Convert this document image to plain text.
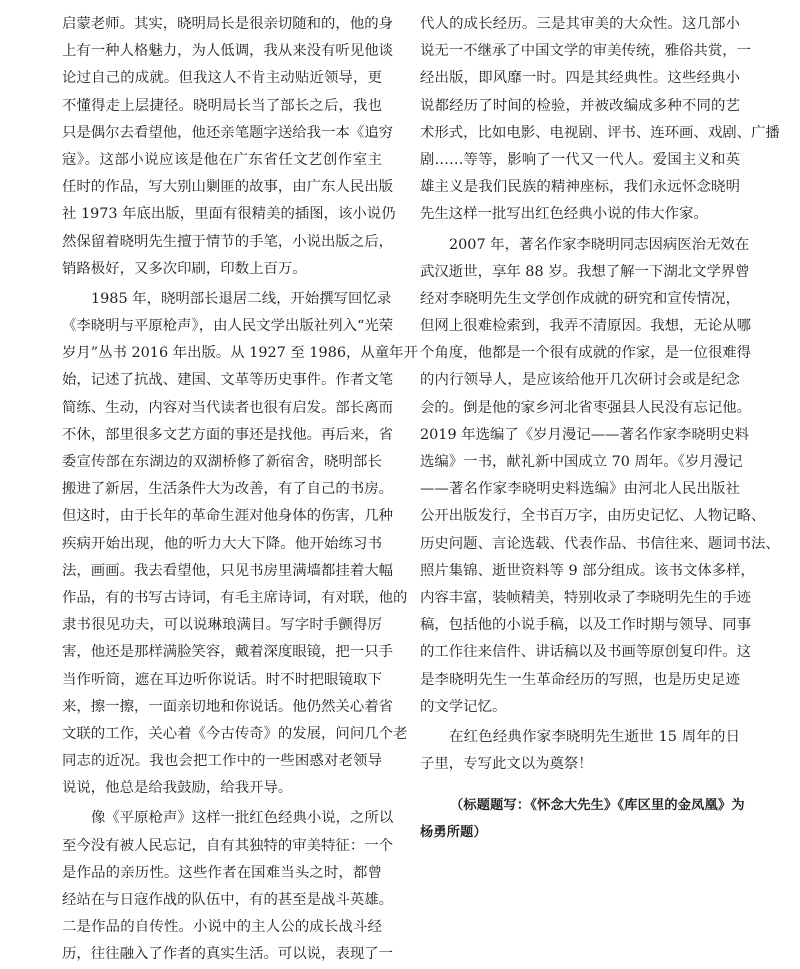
启蒙老师。其实，晓明局长是很亲切随和的，他的身
上有一种人格魅力，为人低调，我从来没有听见他谈
论过自己的成就。但我这人不肯主动贴近领导，更
不懂得走上层捷径。晓明局长当了部长之后，我也
只是偶尔去看望他，他还亲笔题字送给我一本《追穷
寇》。这部小说应该是他在广东省任文艺创作室主
任时的作品，写大别山剿匪的故事，由广东人民出版
社 1973 年底出版，里面有很精美的插图，该小说仍
然保留着晓明先生擅于情节的手笔，小说出版之后，
销路极好，又多次印刷，印数上百万。
1985 年，晓明部长退居二线，开始撰写回忆录
《李晓明与平原枪声》，由人民文学出版社列入“光荣
岁月”丛书 2016 年出版。从 1927 至 1986，从童年开
始，记述了抗战、建国、文革等历史事件。作者文笔
简练、生动，内容对当代读者也很有启发。部长离而
不休，部里很多文艺方面的事还是找他。再后来，省
委宣传部在东湖边的双湖桥修了新宿舍，晓明部长
搬进了新居，生活条件大为改善，有了自己的书房。
但这时，由于长年的革命生涯对他身体的伤害，几种
疾病开始出现，他的听力大大下降。他开始练习书
法，画画。我去看望他，只见书房里满墙都挂着大幅
作品，有的书写古诗词，有毛主席诗词，有对联，他的
隶书很见功夫，可以说琳琅满目。写字时手颤得厉
害，他还是那样满脸笑容，戴着深度眼镜，把一只手
当作听筒，遮在耳边听你说话。时不时把眼镜取下
来，擦一擦，一面亲切地和你说话。他仍然关心着省
文联的工作，关心着《今古传奇》的发展，问问几个老
同志的近况。我也会把工作中的一些困惑对老领导
说说，他总是给我鼓励，给我开导。
像《平原枪声》这样一批红色经典小说，之所以
至今没有被人民忘记，自有其独特的审美特征：一个
是作品的亲历性。这些作者在国难当头之时，都曾
经站在与日寇作战的队伍中，有的甚至是战斗英雄。
二是作品的自传性。小说中的主人公的成长战斗经
历，往往融入了作者的真实生活。可以说，表现了一
代人的成长经历。三是其审美的大众性。这几部小
说无一不继承了中国文学的审美传统，雅俗共赏，一
经出版，即风靡一时。四是其经典性。这些经典小
说都经历了时间的检验，并被改编成多种不同的艺
术形式，比如电影、电视剧、评书、连环画、戏剧、广播
剧……等等，影响了一代又一代人。爱国主义和英
雄主义是我们民族的精神座标，我们永远怀念晓明
先生这样一批写出红色经典小说的伟大作家。
2007 年，著名作家李晓明同志因病医治无效在
武汉逝世，享年 88 岁。我想了解一下湖北文学界曾
经对李晓明先生文学创作成就的研究和宣传情况，
但网上很难检索到，我弄不清原因。我想，无论从哪
个角度，他都是一个很有成就的作家，是一位很难得
的内行领导人，是应该给他开几次研讨会或是纪念
会的。倒是他的家乡河北省枣强县人民没有忘记他。
2019 年选编了《岁月漫记——著名作家李晓明史料
选编》一书，献礼新中国成立 70 周年。《岁月漫记
——著名作家李晓明史料选编》由河北人民出版社
公开出版发行，全书百万字，由历史记忆、人物记略、
历史问题、言论选载、代表作品、书信往来、题词书法、
照片集锦、逝世资料等 9 部分组成。该书文体多样，
内容丰富，装帧精美，特别收录了李晓明先生的手迹
稿，包括他的小说手稿，以及工作时期与领导、同事
的工作往来信件、讲话稿以及书画等原创复印件。这
是李晓明先生一生革命经历的写照，也是历史足迹
的文学记忆。
在红色经典作家李晓明先生逝世 15 周年的日
子里，专写此文以为奠祭！
（标题题写：《怀念大先生》《库区里的金凤凰》为
杨勇所题）
